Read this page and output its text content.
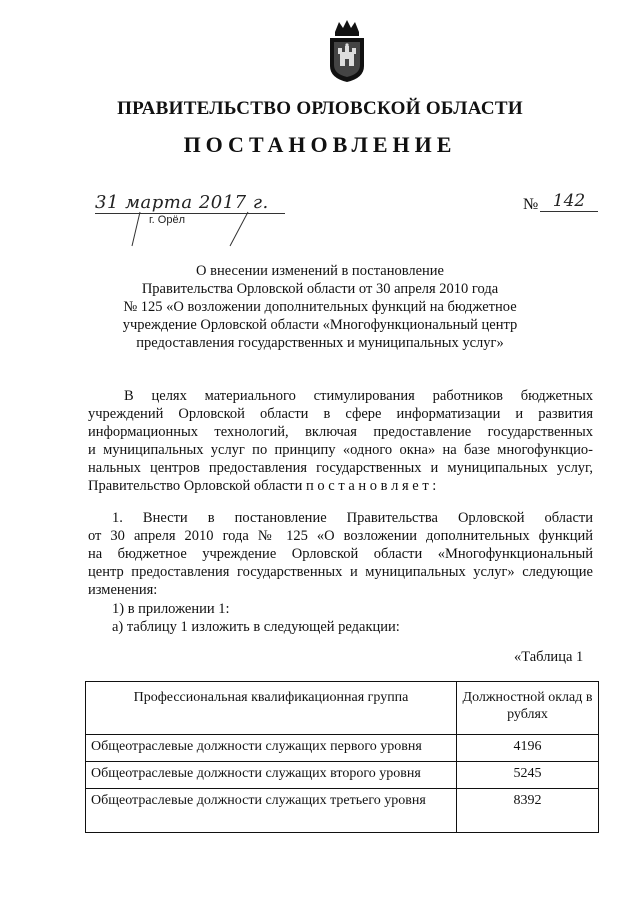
ПРАВИТЕЛЬСТВО ОРЛОВСКОЙ ОБЛАСТИ
ПОСТАНОВЛЕНИЕ
31 марта 2017 г.
г. Орёл
№ 142
О внесении изменений в постановление
Правительства Орловской области от 30 апреля 2010 года
№ 125 «О возложении дополнительных функций на бюджетное
учреждение Орловской области «Многофункциональный центр
предоставления государственных и муниципальных услуг»
В целях материального стимулирования работников бюджетных
учреждений Орловской области в сфере информатизации и развития
информационных технологий, включая предоставление государственных
и муниципальных услуг по принципу «одного окна» на базе многофункцио-
нальных центров предоставления государственных и муниципальных услуг,
Правительство Орловской области п о с т а н о в л я е т :
1. Внести в постановление Правительства Орловской области
от 30 апреля 2010 года № 125 «О возложении дополнительных функций
на бюджетное учреждение Орловской области «Многофункциональный
центр предоставления государственных и муниципальных услуг» следующие
изменения:
1) в приложении 1:
а) таблицу 1 изложить в следующей редакции:
«Таблица 1
Профессиональная квалификационная группа	Должностной оклад в рублях
Общеотраслевые должности служащих первого уровня	4196
Общеотраслевые должности служащих второго уровня	5245
Общеотраслевые должности служащих третьего уровня	8392
